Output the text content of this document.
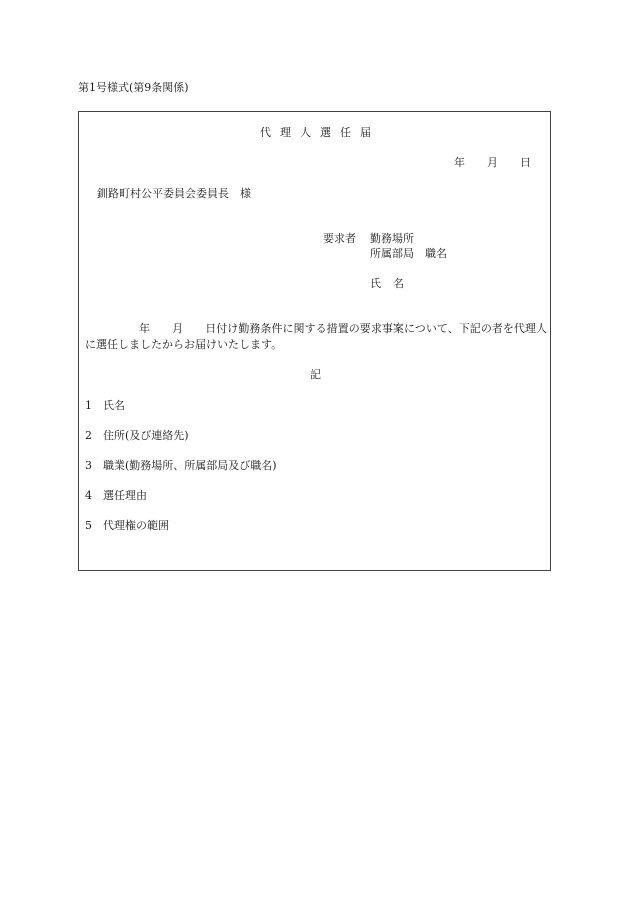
第1号様式(第9条関係)
代理人選任届
年 月 日
釧路町村公平委員会委員長　様
要求者 勤務場所
所属部局　職名
氏名
年 月 日付け勤務条件に関する措置の要求事案について、下記の者を代理人に選任しましたからお届けいたします。
記
1 氏名
2 住所(及び連絡先)
3 職業(勤務場所、所属部局及び職名)
4 選任理由
5 代理権の範囲
